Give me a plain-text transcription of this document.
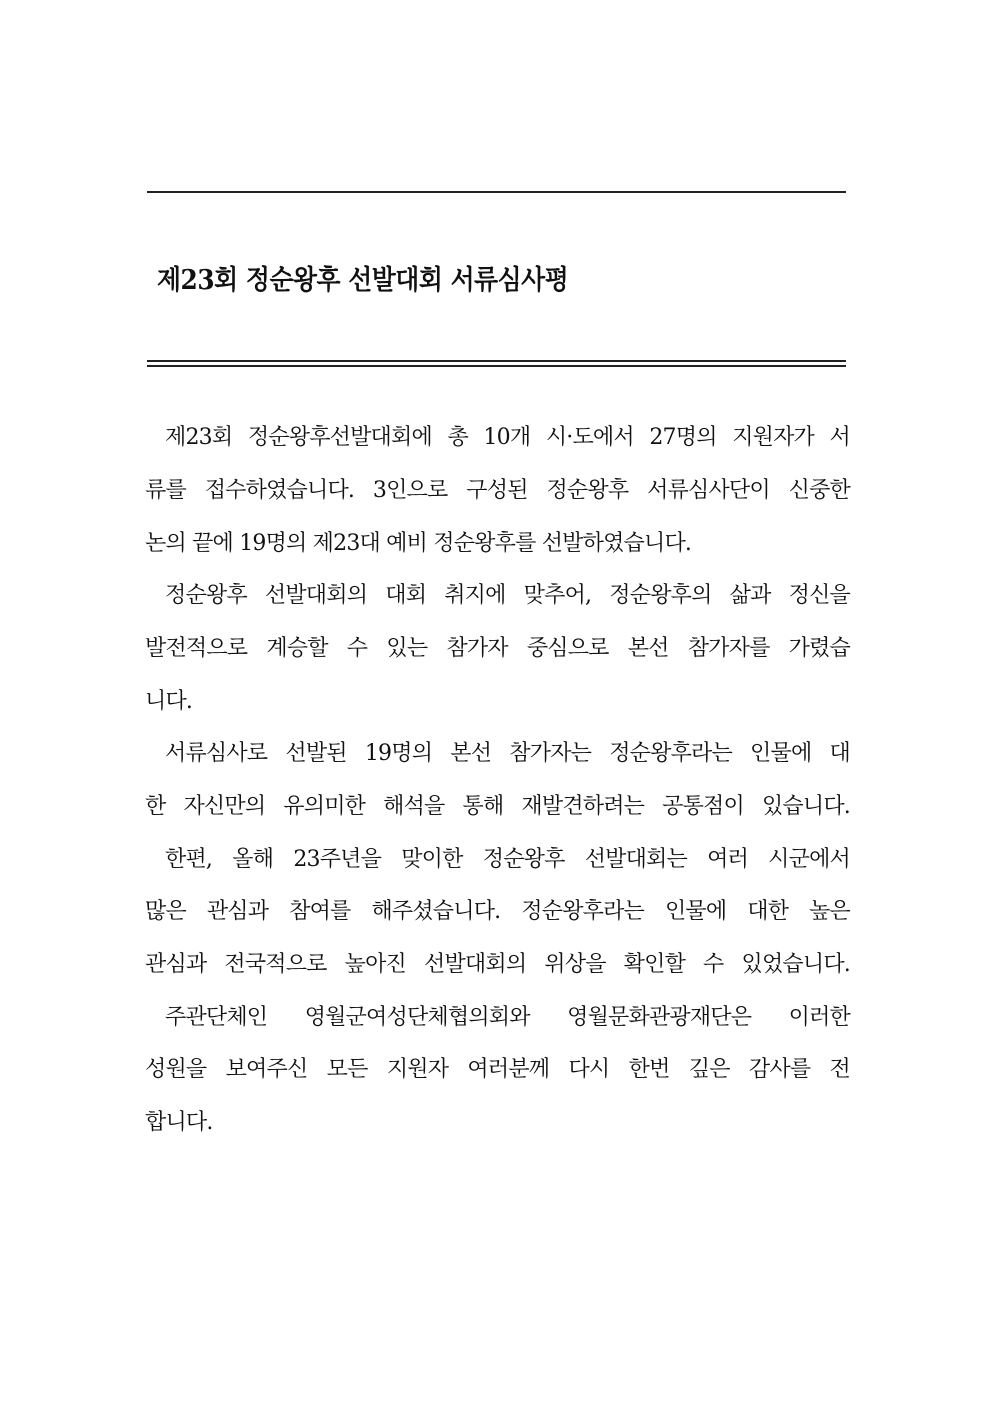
제23회 정순왕후 선발대회 서류심사평
제23회 정순왕후선발대회에 총 10개 시·도에서 27명의 지원자가 서
류를 접수하였습니다. 3인으로 구성된 정순왕후 서류심사단이 신중한
논의 끝에 19명의 제23대 예비 정순왕후를 선발하였습니다.
정순왕후 선발대회의 대회 취지에 맞추어, 정순왕후의 삶과 정신을
발전적으로 계승할 수 있는 참가자 중심으로 본선 참가자를 가렸습
니다.
서류심사로 선발된 19명의 본선 참가자는 정순왕후라는 인물에 대
한 자신만의 유의미한 해석을 통해 재발견하려는 공통점이 있습니다.
한편, 올해 23주년을 맞이한 정순왕후 선발대회는 여러 시군에서
많은 관심과 참여를 해주셨습니다. 정순왕후라는 인물에 대한 높은
관심과 전국적으로 높아진 선발대회의 위상을 확인할 수 있었습니다.
주관단체인 영월군여성단체협의회와 영월문화관광재단은 이러한
성원을 보여주신 모든 지원자 여러분께 다시 한번 깊은 감사를 전
합니다.
